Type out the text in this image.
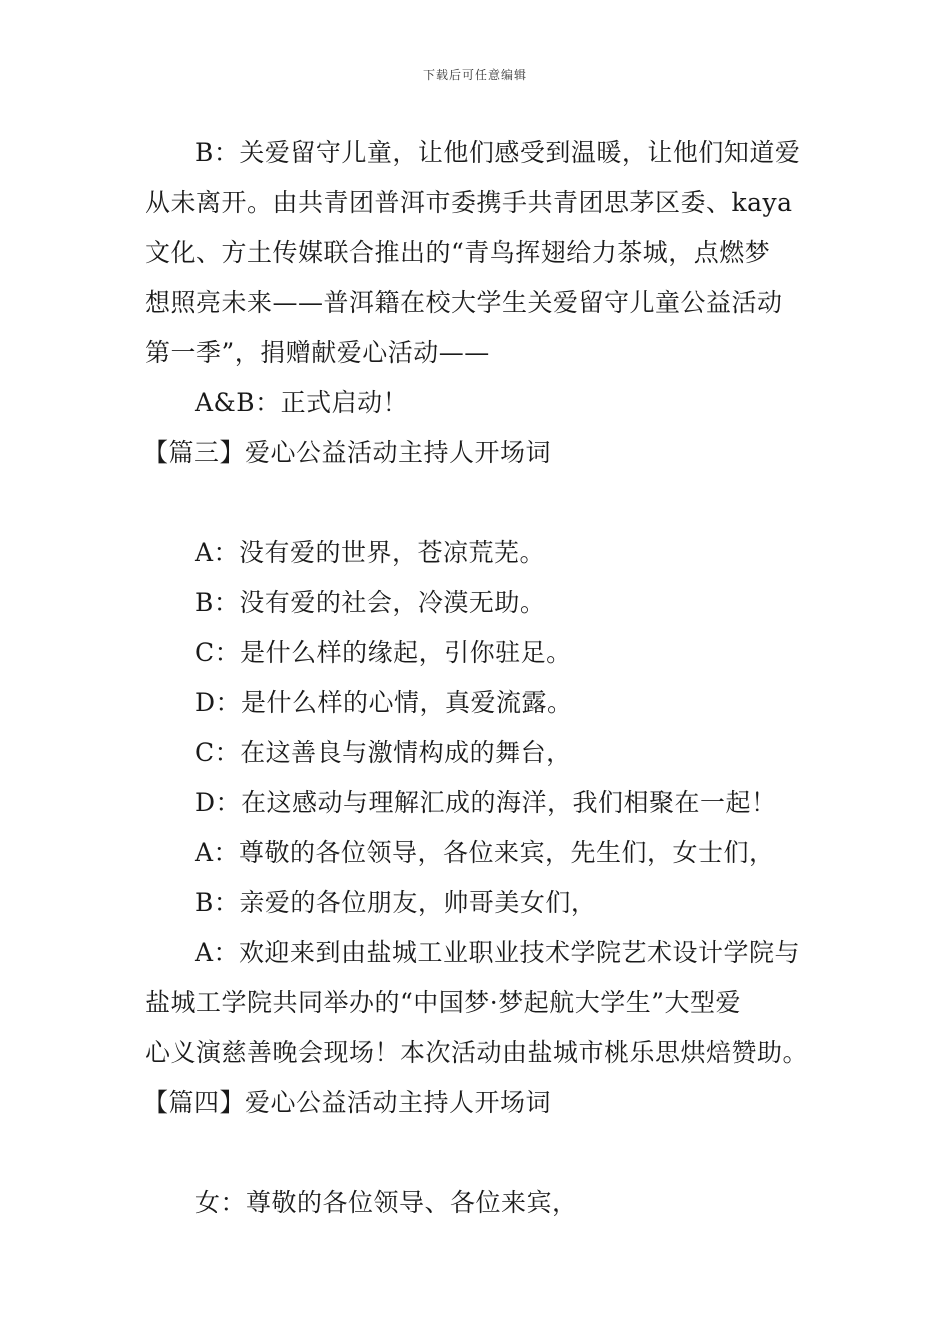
下载后可任意编辑

B：关爱留守儿童，让他们感受到温暖，让他们知道爱

从未离开。由共青团普洱市委携手共青团思茅区委、kaya

文化、方土传媒联合推出的“青鸟挥翅给力茶城，点燃梦

想照亮未来——普洱籍在校大学生关爱留守儿童公益活动

第一季”，捐赠献爱心活动——

A&B：正式启动！

【篇三】爱心公益活动主持人开场词

A：没有爱的世界，苍凉荒芜。

B：没有爱的社会，冷漠无助。

C：是什么样的缘起，引你驻足。

D：是什么样的心情，真爱流露。

C：在这善良与激情构成的舞台，

D：在这感动与理解汇成的海洋，我们相聚在一起！

A：尊敬的各位领导，各位来宾，先生们，女士们，

B：亲爱的各位朋友，帅哥美女们，

A：欢迎来到由盐城工业职业技术学院艺术设计学院与

盐城工学院共同举办的“中国梦·梦起航大学生”大型爱

心义演慈善晚会现场！本次活动由盐城市桃乐思烘焙赞助。

【篇四】爱心公益活动主持人开场词

女：尊敬的各位领导、各位来宾，
